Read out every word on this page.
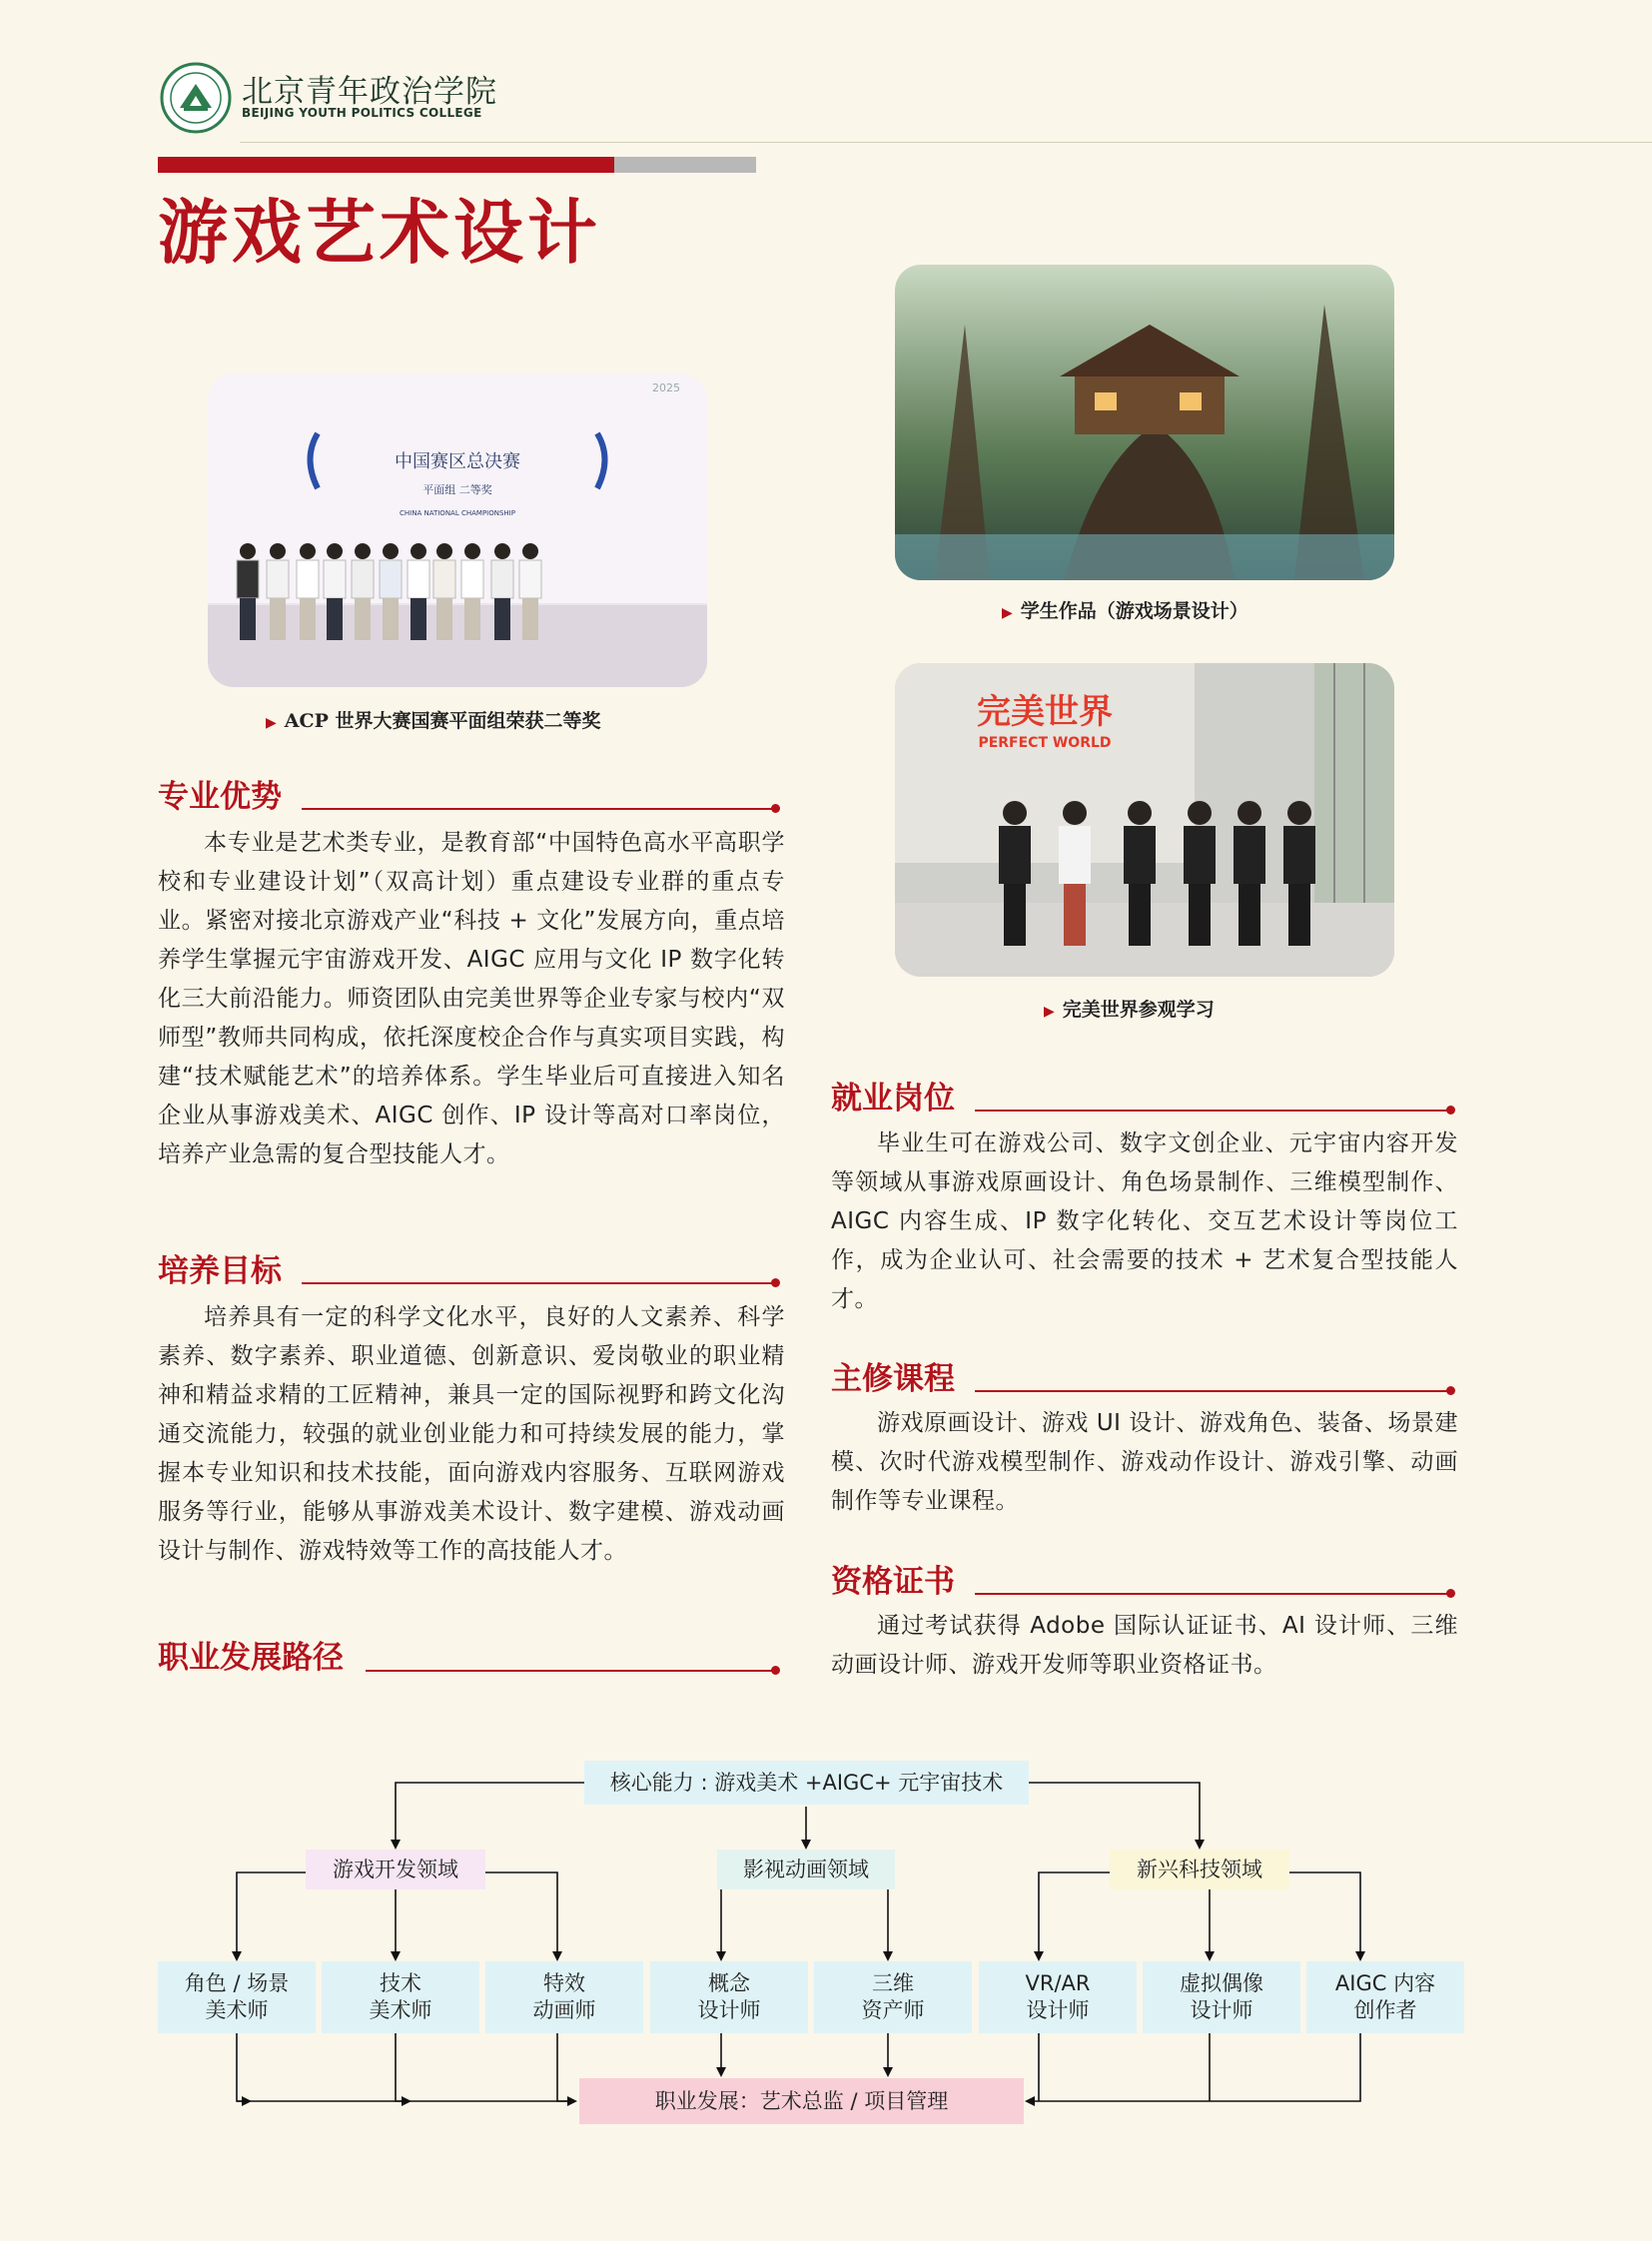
北京青年政治学院
BEIJING YOUTH POLITICS COLLEGE
游戏艺术设计
中国赛区总决赛
平面组 二等奖
CHINA NATIONAL CHAMPIONSHIP
2025
▶ ACP 世界大赛国赛平面组荣获二等奖
▶ 学生作品（游戏场景设计）
完美世界
PERFECT WORLD
▶ 完美世界参观学习
专业优势
本专业是艺术类专业，是教育部“中国特色高水平高职学校和专业建设计划”（双高计划）重点建设专业群的重点专业。紧密对接北京游戏产业“科技 + 文化”发展方向，重点培养学生掌握元宇宙游戏开发、AIGC 应用与文化 IP 数字化转化三大前沿能力。师资团队由完美世界等企业专家与校内“双师型”教师共同构成，依托深度校企合作与真实项目实践，构建“技术赋能艺术”的培养体系。学生毕业后可直接进入知名企业从事游戏美术、AIGC 创作、IP 设计等高对口率岗位，培养产业急需的复合型技能人才。
培养目标
培养具有一定的科学文化水平，良好的人文素养、科学素养、数字素养、职业道德、创新意识、爱岗敬业的职业精神和精益求精的工匠精神，兼具一定的国际视野和跨文化沟通交流能力，较强的就业创业能力和可持续发展的能力，掌握本专业知识和技术技能，面向游戏内容服务、互联网游戏服务等行业，能够从事游戏美术设计、数字建模、游戏动画设计与制作、游戏特效等工作的高技能人才。
职业发展路径
就业岗位
毕业生可在游戏公司、数字文创企业、元宇宙内容开发等领域从事游戏原画设计、角色场景制作、三维模型制作、AIGC 内容生成、IP 数字化转化、交互艺术设计等岗位工作，成为企业认可、社会需要的技术 + 艺术复合型技能人才。
主修课程
游戏原画设计、游戏 UI 设计、游戏角色、装备、场景建模、次时代游戏模型制作、游戏动作设计、游戏引擎、动画制作等专业课程。
资格证书
通过考试获得 Adobe 国际认证证书、AI 设计师、三维动画设计师、游戏开发师等职业资格证书。
核心能力 : 游戏美术 +AIGC+ 元宇宙技术
游戏开发领域	影视动画领域	新兴科技领域
角色 / 场景
美术师
技术
美术师
特效
动画师
概念
设计师
三维
资产师
VR/AR
设计师
虚拟偶像
设计师
AIGC 内容
创作者
职业发展：艺术总监 / 项目管理
